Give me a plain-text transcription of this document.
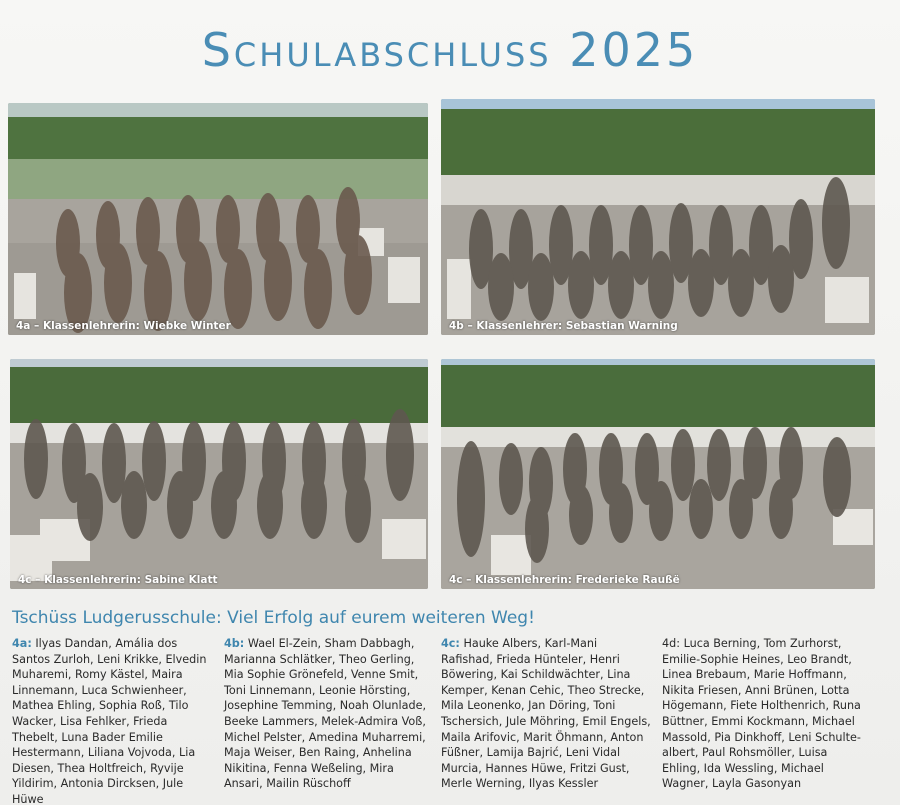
Schulabschluss 2025
4a – Klassenlehrerin: Wiebke Winter	4b – Klassenlehrer: Sebastian Warning
4c – Klassenlehrerin: Sabine Klatt	4c – Klassenlehrerin: Frederieke Raußë
Tschüss Ludgerusschule: Viel Erfolg auf eurem weiteren Weg!
4a: Ilyas Dandan, Amália dos Santos Zurloh, Leni Krikke, Elvedin Muharemi, Romy Kästel, Maira Linnemann, Luca Schwienheer, Mathea Ehling, Sophia Roß, Tilo Wacker, Lisa Fehlker, Frieda Thebelt, Luna Bader Emilie Hestermann, Liliana Vojvoda, Lia Diesen, Thea Holtfreich, Ryvije Yildirim, Antonia Dircksen, Jule Hüwe
4b: Wael El-Zein, Sham Dabbagh, Marianna Schlätker, Theo Gerling, Mia Sophie Grönefeld, Venne Smit, Toni Linnemann, Leonie Hörsting, Josephine Temming, Noah Olunlade, Beeke Lammers, Melek-Admira Voß, Michel Pelster, Amedina Muharremi, Maja Weiser, Ben Raing, Anhelina Nikitina, Fenna Weßeling, Mira Ansari, Mailin Rüschoff
4c: Hauke Albers, Karl-Mani Rafishad, Frieda Hünteler, Henri Böwering, Kai Schildwächter, Lina Kemper, Kenan Cehic, Theo Strecke, Mila Leonenko, Jan Döring, Toni Tschersich, Jule Möhring, Emil Engels, Maila Arifovic, Marit Öhmann, Anton Füßner, Lamija Bajrić, Leni Vidal Murcia, Hannes Hüwe, Fritzi Gust, Merle Werning, Ilyas Kessler
4d: Luca Berning, Tom Zurhorst, Emilie-Sophie Heines, Leo Brandt, Linea Brebaum, Marie Hoffmann, Nikita Friesen, Anni Brünen, Lotta Högemann, Fiete Holthenrich, Runa Büttner, Emmi Kockmann, Michael Massold, Pia Dinkhoff, Leni Schulte-albert, Paul Rohsmöller, Luisa Ehling, Ida Wessling, Michael Wagner, Layla Gasonyan
